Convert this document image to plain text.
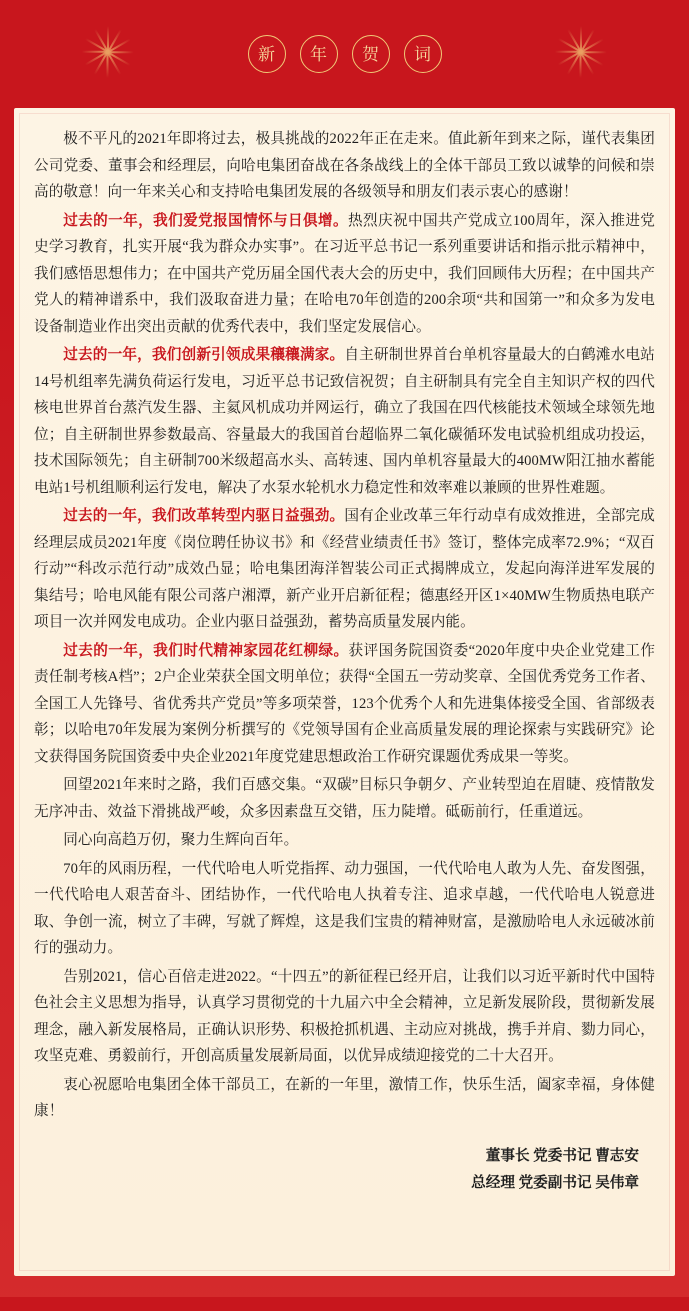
新	年	贺	词

极不平凡的2021年即将过去，极具挑战的2022年正在走来。值此新年到来之际，谨代表集团公司党委、董事会和经理层，向哈电集团奋战在各条战线上的全体干部员工致以诚挚的问候和崇高的敬意！向一年来关心和支持哈电集团发展的各级领导和朋友们表示衷心的感谢！

过去的一年，我们爱党报国情怀与日俱增。热烈庆祝中国共产党成立100周年，深入推进党史学习教育，扎实开展“我为群众办实事”。在习近平总书记一系列重要讲话和指示批示精神中，我们感悟思想伟力；在中国共产党历届全国代表大会的历史中，我们回顾伟大历程；在中国共产党人的精神谱系中，我们汲取奋进力量；在哈电70年创造的200余项“共和国第一”和众多为发电设备制造业作出突出贡献的优秀代表中，我们坚定发展信心。

过去的一年，我们创新引领成果穰穰满家。自主研制世界首台单机容量最大的白鹤滩水电站14号机组率先满负荷运行发电，习近平总书记致信祝贺；自主研制具有完全自主知识产权的四代核电世界首台蒸汽发生器、主氦风机成功并网运行，确立了我国在四代核能技术领域全球领先地位；自主研制世界参数最高、容量最大的我国首台超临界二氧化碳循环发电试验机组成功投运，技术国际领先；自主研制700米级超高水头、高转速、国内单机容量最大的400MW阳江抽水蓄能电站1号机组顺利运行发电，解决了水泵水轮机水力稳定性和效率难以兼顾的世界性难题。

过去的一年，我们改革转型内驱日益强劲。国有企业改革三年行动卓有成效推进，全部完成经理层成员2021年度《岗位聘任协议书》和《经营业绩责任书》签订，整体完成率72.9%；“双百行动”“科改示范行动”成效凸显；哈电集团海洋智装公司正式揭牌成立，发起向海洋进军发展的集结号；哈电风能有限公司落户湘潭，新产业开启新征程；德惠经开区1×40MW生物质热电联产项目一次并网发电成功。企业内驱日益强劲，蓄势高质量发展内能。

过去的一年，我们时代精神家园花红柳绿。获评国务院国资委“2020年度中央企业党建工作责任制考核A档”；2户企业荣获全国文明单位；获得“全国五一劳动奖章、全国优秀党务工作者、全国工人先锋号、省优秀共产党员”等多项荣誉，123个优秀个人和先进集体接受全国、省部级表彰；以哈电70年发展为案例分析撰写的《党领导国有企业高质量发展的理论探索与实践研究》论文获得国务院国资委中央企业2021年度党建思想政治工作研究课题优秀成果一等奖。

回望2021年来时之路，我们百感交集。“双碳”目标只争朝夕、产业转型迫在眉睫、疫情散发无序冲击、效益下滑挑战严峻，众多因素盘互交错，压力陡增。砥砺前行，任重道远。

同心向高趋万仞，聚力生辉向百年。

70年的风雨历程，一代代哈电人听党指挥、动力强国，一代代哈电人敢为人先、奋发图强，一代代哈电人艰苦奋斗、团结协作，一代代哈电人执着专注、追求卓越，一代代哈电人锐意进取、争创一流，树立了丰碑，写就了辉煌，这是我们宝贵的精神财富，是激励哈电人永远破冰前行的强动力。

告别2021，信心百倍走进2022。“十四五”的新征程已经开启，让我们以习近平新时代中国特色社会主义思想为指导，认真学习贯彻党的十九届六中全会精神，立足新发展阶段，贯彻新发展理念，融入新发展格局，正确认识形势、积极抢抓机遇、主动应对挑战，携手并肩、勠力同心，攻坚克难、勇毅前行，开创高质量发展新局面，以优异成绩迎接党的二十大召开。

衷心祝愿哈电集团全体干部员工，在新的一年里，激情工作，快乐生活，阖家幸福，身体健康！

董事长 党委书记 曹志安
总经理 党委副书记 吴伟章
